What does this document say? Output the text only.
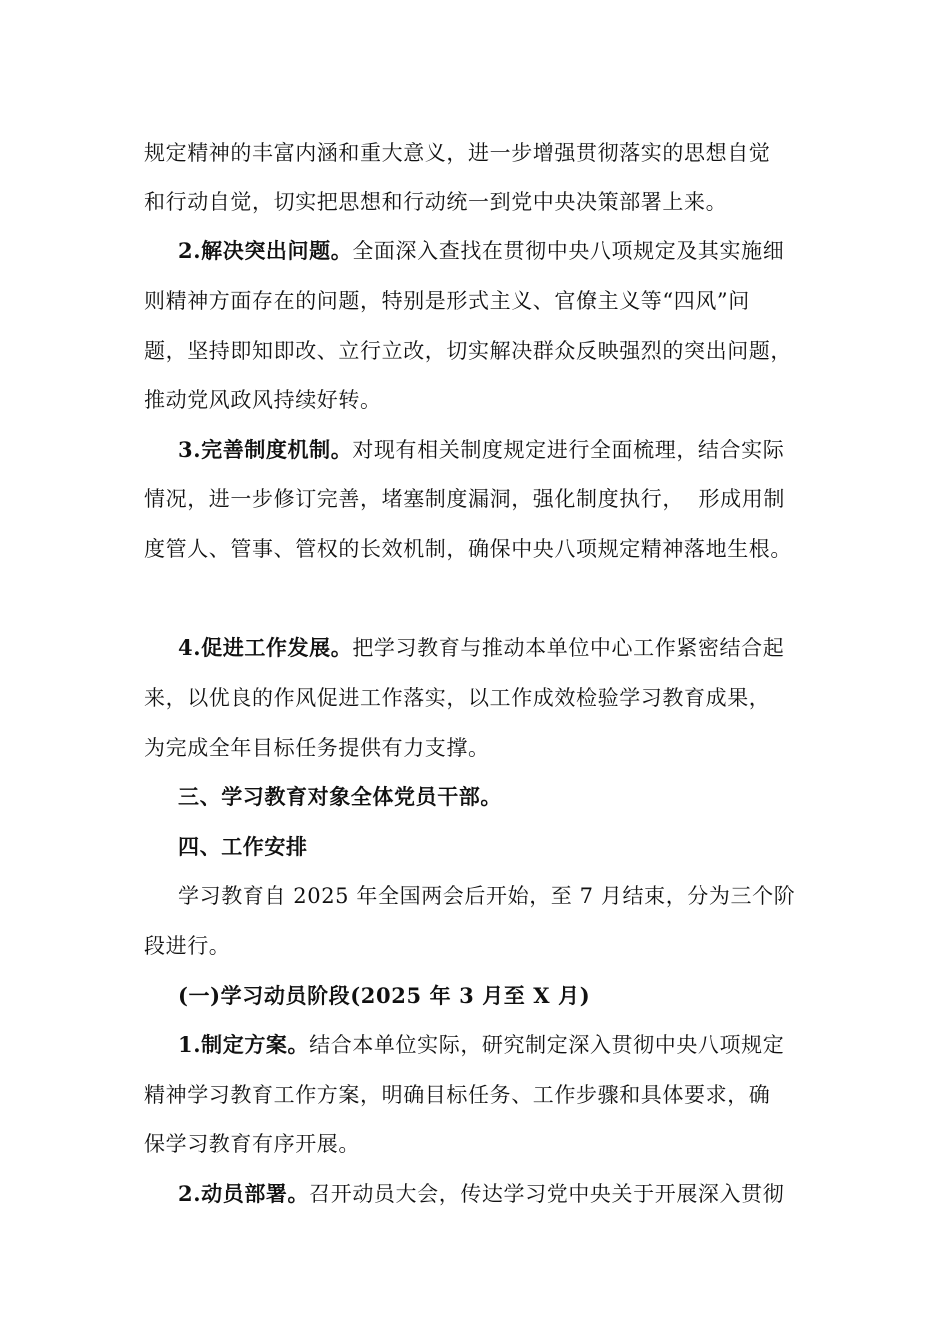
规定精神的丰富内涵和重大意义，进一步增强贯彻落实的思想自觉
和行动自觉，切实把思想和行动统一到党中央决策部署上来。
2.解决突出问题。全面深入查找在贯彻中央八项规定及其实施细
则精神方面存在的问题，特别是形式主义、官僚主义等“四风”问
题，坚持即知即改、立行立改，切实解决群众反映强烈的突出问题，
推动党风政风持续好转。
3.完善制度机制。对现有相关制度规定进行全面梳理，结合实际
情况，进一步修订完善，堵塞制度漏洞，强化制度执行，  形成用制
度管人、管事、管权的长效机制，确保中央八项规定精神落地生根。
4.促进工作发展。把学习教育与推动本单位中心工作紧密结合起
来，以优良的作风促进工作落实，以工作成效检验学习教育成果，
为完成全年目标任务提供有力支撑。
三、学习教育对象全体党员干部。
四、工作安排
学习教育自 2025 年全国两会后开始，至 7 月结束，分为三个阶
段进行。
(一)学习动员阶段(2025 年 3 月至 X 月)
1.制定方案。结合本单位实际，研究制定深入贯彻中央八项规定
精神学习教育工作方案，明确目标任务、工作步骤和具体要求，确
保学习教育有序开展。
2.动员部署。召开动员大会，传达学习党中央关于开展深入贯彻
